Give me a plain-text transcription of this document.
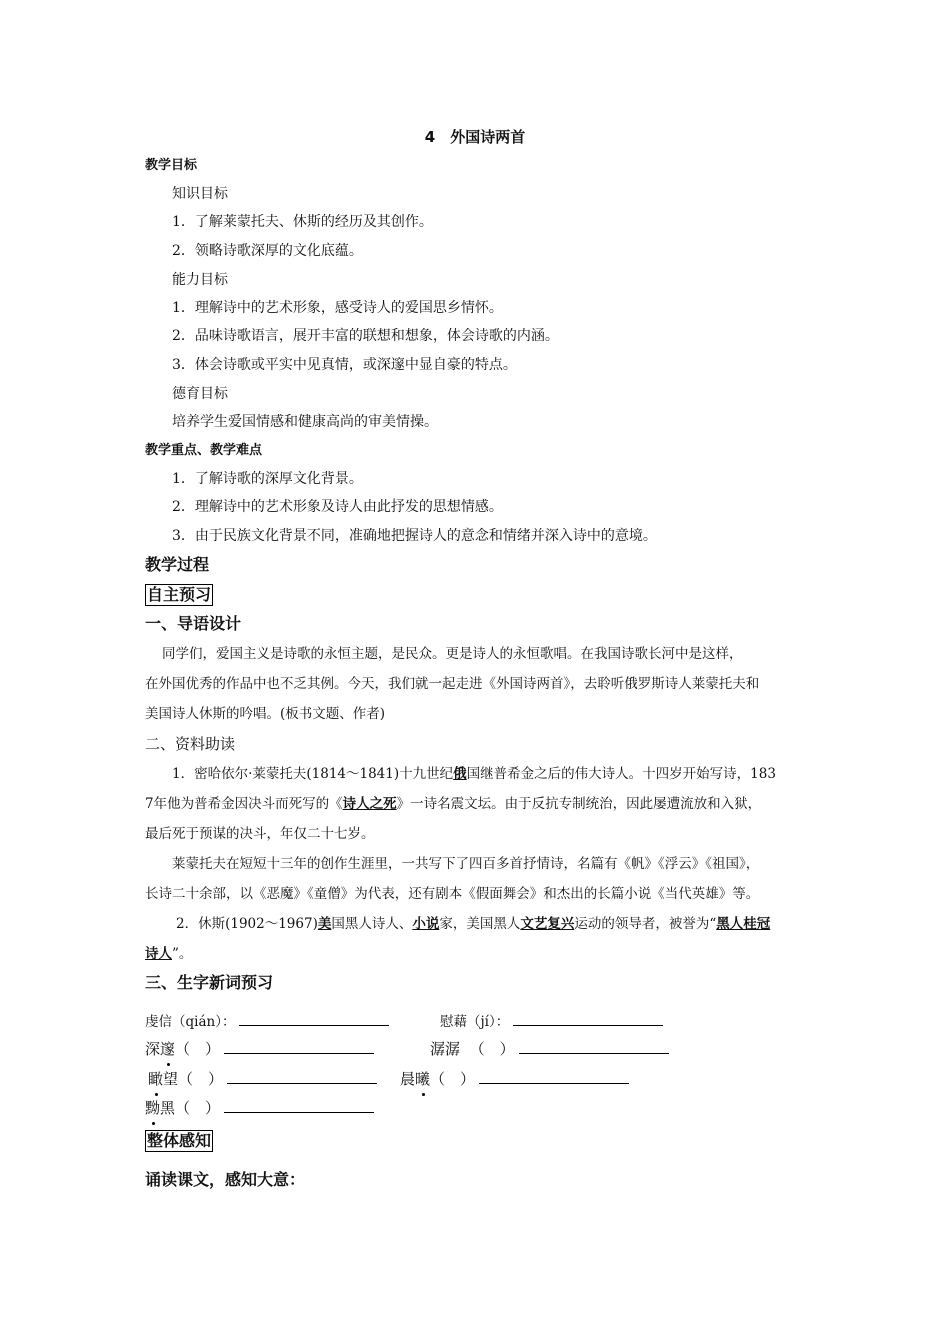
4　外国诗两首
教学目标
知识目标
1．了解莱蒙托夫、休斯的经历及其创作。
2．领略诗歌深厚的文化底蕴。
能力目标
1．理解诗中的艺术形象，感受诗人的爱国思乡情怀。
2．品味诗歌语言，展开丰富的联想和想象，体会诗歌的内涵。
3．体会诗歌或平实中见真情，或深邃中显自豪的特点。
德育目标
培养学生爱国情感和健康高尚的审美情操。
教学重点、教学难点
1．了解诗歌的深厚文化背景。
2．理解诗中的艺术形象及诗人由此抒发的思想情感。
3．由于民族文化背景不同，准确地把握诗人的意念和情绪并深入诗中的意境。
教学过程
自主预习
一、导语设计
同学们，爱国主义是诗歌的永恒主题，是民众。更是诗人的永恒歌唱。在我国诗歌长河中是这样，
在外国优秀的作品中也不乏其例。今天，我们就一起走进《外国诗两首》，去聆听俄罗斯诗人莱蒙托夫和
美国诗人休斯的吟唱。(板书文题、作者)
二、资料助读
1．密哈依尔·莱蒙托夫(1814～1841)十九世纪俄国继普希金之后的伟大诗人。十四岁开始写诗，183
7年他为普希金因决斗而死写的《诗人之死》一诗名震文坛。由于反抗专制统治，因此屡遭流放和入狱，
最后死于预谋的决斗，年仅二十七岁。
莱蒙托夫在短短十三年的创作生涯里，一共写下了四百多首抒情诗，名篇有《帆》《浮云》《祖国》，
长诗二十余部，以《恶魔》《童僧》为代表，还有剧本《假面舞会》和杰出的长篇小说《当代英雄》等。
2．休斯(1902～1967)美国黑人诗人、小说家，美国黑人文艺复兴运动的领导者，被誉为“黑人桂冠
诗人”。
三、生字新词预习
虔信（qián）：	慰藉（jí）：
深邃（　）	潺潺 （　）
瞰望（　）	晨曦（　）
黝黑（　）
整体感知
诵读课文，感知大意：
